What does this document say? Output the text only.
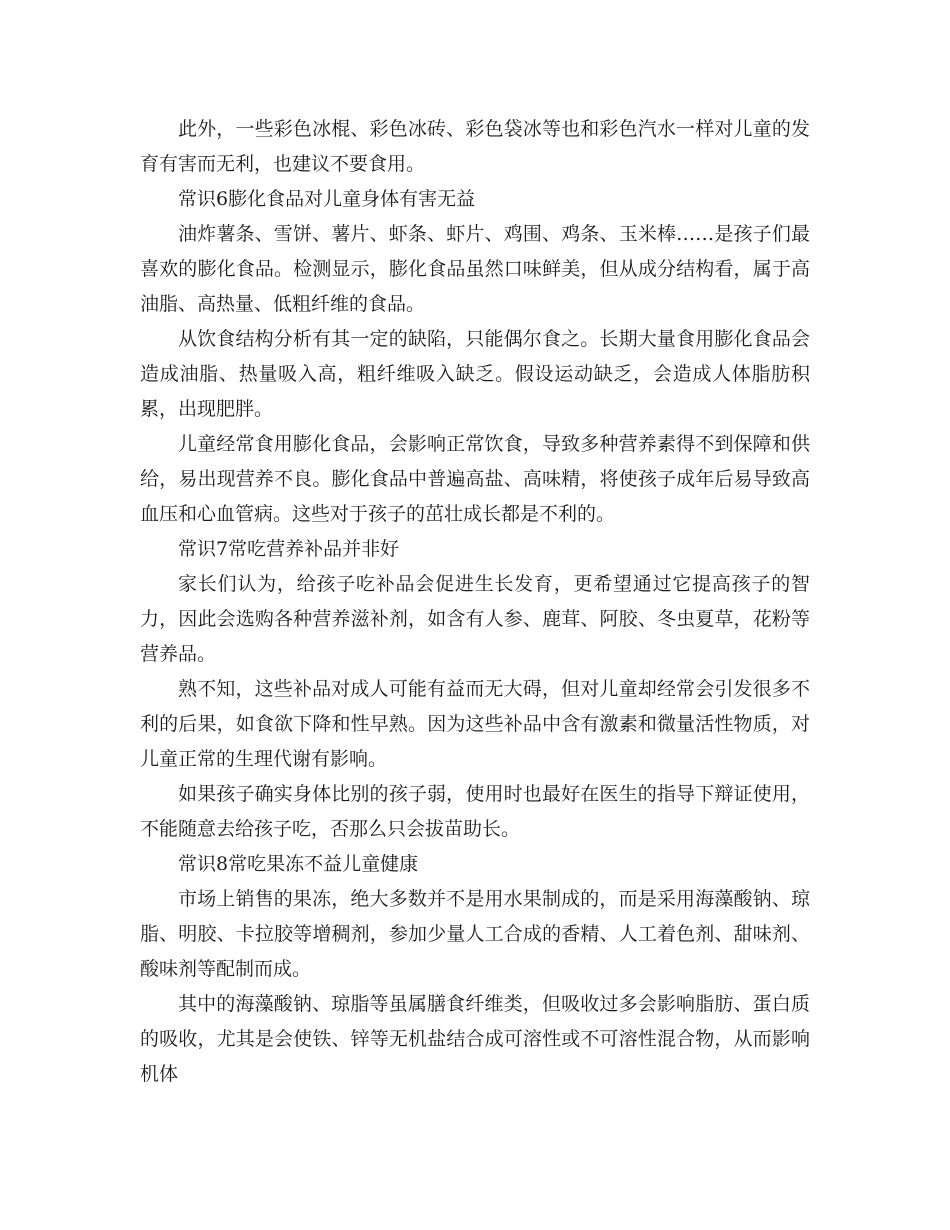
此外，一些彩色冰棍、彩色冰砖、彩色袋冰等也和彩色汽水一样对儿童的发育有害而无利，也建议不要食用。

常识6膨化食品对儿童身体有害无益

油炸薯条、雪饼、薯片、虾条、虾片、鸡围、鸡条、玉米棒……是孩子们最喜欢的膨化食品。检测显示，膨化食品虽然口味鲜美，但从成分结构看，属于高油脂、高热量、低粗纤维的食品。

从饮食结构分析有其一定的缺陷，只能偶尔食之。长期大量食用膨化食品会造成油脂、热量吸入高，粗纤维吸入缺乏。假设运动缺乏，会造成人体脂肪积累，出现肥胖。

儿童经常食用膨化食品，会影响正常饮食，导致多种营养素得不到保障和供给，易出现营养不良。膨化食品中普遍高盐、高味精，将使孩子成年后易导致高血压和心血管病。这些对于孩子的茁壮成长都是不利的。

常识7常吃营养补品并非好

家长们认为，给孩子吃补品会促进生长发育，更希望通过它提高孩子的智力，因此会选购各种营养滋补剂，如含有人参、鹿茸、阿胶、冬虫夏草，花粉等营养品。

熟不知，这些补品对成人可能有益而无大碍，但对儿童却经常会引发很多不利的后果，如食欲下降和性早熟。因为这些补品中含有激素和微量活性物质，对儿童正常的生理代谢有影响。

如果孩子确实身体比别的孩子弱，使用时也最好在医生的指导下辩证使用，不能随意去给孩子吃，否那么只会拔苗助长。

常识8常吃果冻不益儿童健康

市场上销售的果冻，绝大多数并不是用水果制成的，而是采用海藻酸钠、琼脂、明胶、卡拉胶等增稠剂，参加少量人工合成的香精、人工着色剂、甜味剂、酸味剂等配制而成。

其中的海藻酸钠、琼脂等虽属膳食纤维类，但吸收过多会影响脂肪、蛋白质的吸收，尤其是会使铁、锌等无机盐结合成可溶性或不可溶性混合物，从而影响机体
